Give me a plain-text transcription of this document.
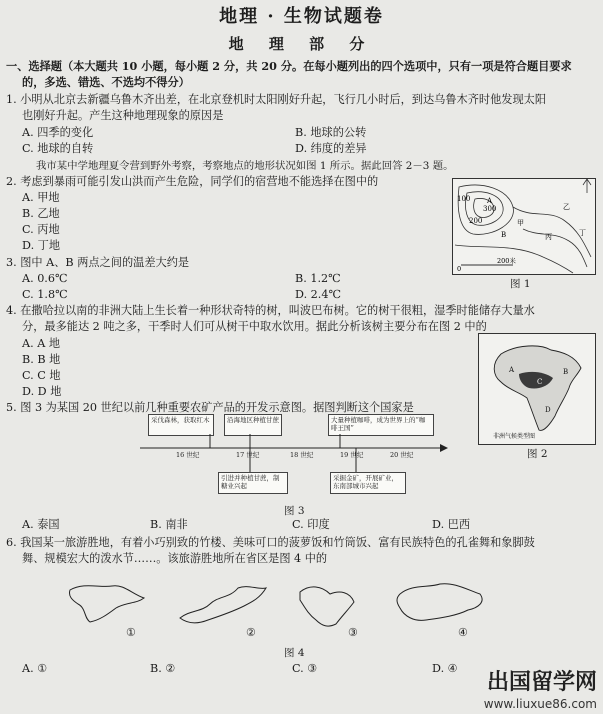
地理 · 生物试题卷
地 理 部 分
一、选择题（本大题共 10 小题，每小题 2 分，共 20 分。在每小题列出的四个选项中，只有一项是符合题目要求
的，多选、错选、不选均不得分）
1. 小明从北京去新疆乌鲁木齐出差，在北京登机时太阳刚好升起，飞行几小时后，到达乌鲁木齐时他发现太阳
也刚好升起。产生这种地理现象的原因是
A. 四季的变化	B. 地球的公转
C. 地球的自转	D. 纬度的差异
我市某中学地理夏令营到野外考察，考察地点的地形状况如图 1 所示。据此回答 2－3 题。
2. 考虑到暴雨可能引发山洪而产生危险，同学们的宿营地不能选择在图中的
A. 甲地
B. 乙地
C. 丙地
D. 丁地
3. 图中 A、B 两点之间的温差大约是
A. 0.6℃	B. 1.2℃
C. 1.8℃	D. 2.4℃
4. 在撒哈拉以南的非洲大陆上生长着一种形状奇特的树，叫波巴布树。它的树干很粗，湿季时能储存大量水
分，最多能达 2 吨之多，干季时人们可从树干中取水饮用。据此分析该树主要分布在图 2 中的
A. A 地
B. B 地
C. C 地
D. D 地
5. 图 3 为某国 20 世纪以前几种重要农矿产品的开发示意图。据图判断这个国家是
A. 泰国	B. 南非	C. 印度	D. 巴西
6. 我国某一旅游胜地，有着小巧别致的竹楼、美味可口的菠萝饭和竹筒饭、富有民族特色的孔雀舞和象脚鼓
舞、规模宏大的泼水节……。该旅游胜地所在省区是图 4 中的
A. ①	B. ②	C. ③	D. ④
300
200
100
甲
乙
丙	丁
A
B
0
200米
图 1
A	B
C
D
非洲气候类型图
图 2
采伐森林，获取红木	沿海地区种植甘蔗	大量种植咖啡，成为世界上的“咖啡王国”
16 世纪	17 世纪	18 世纪	19 世纪	20 世纪
引进并种植甘蔗，制糖业兴起
采掘金矿，开展矿业，东南部城市兴起
图 3
①	②	③	④
图 4
出国留学网
www.liuxue86.com
